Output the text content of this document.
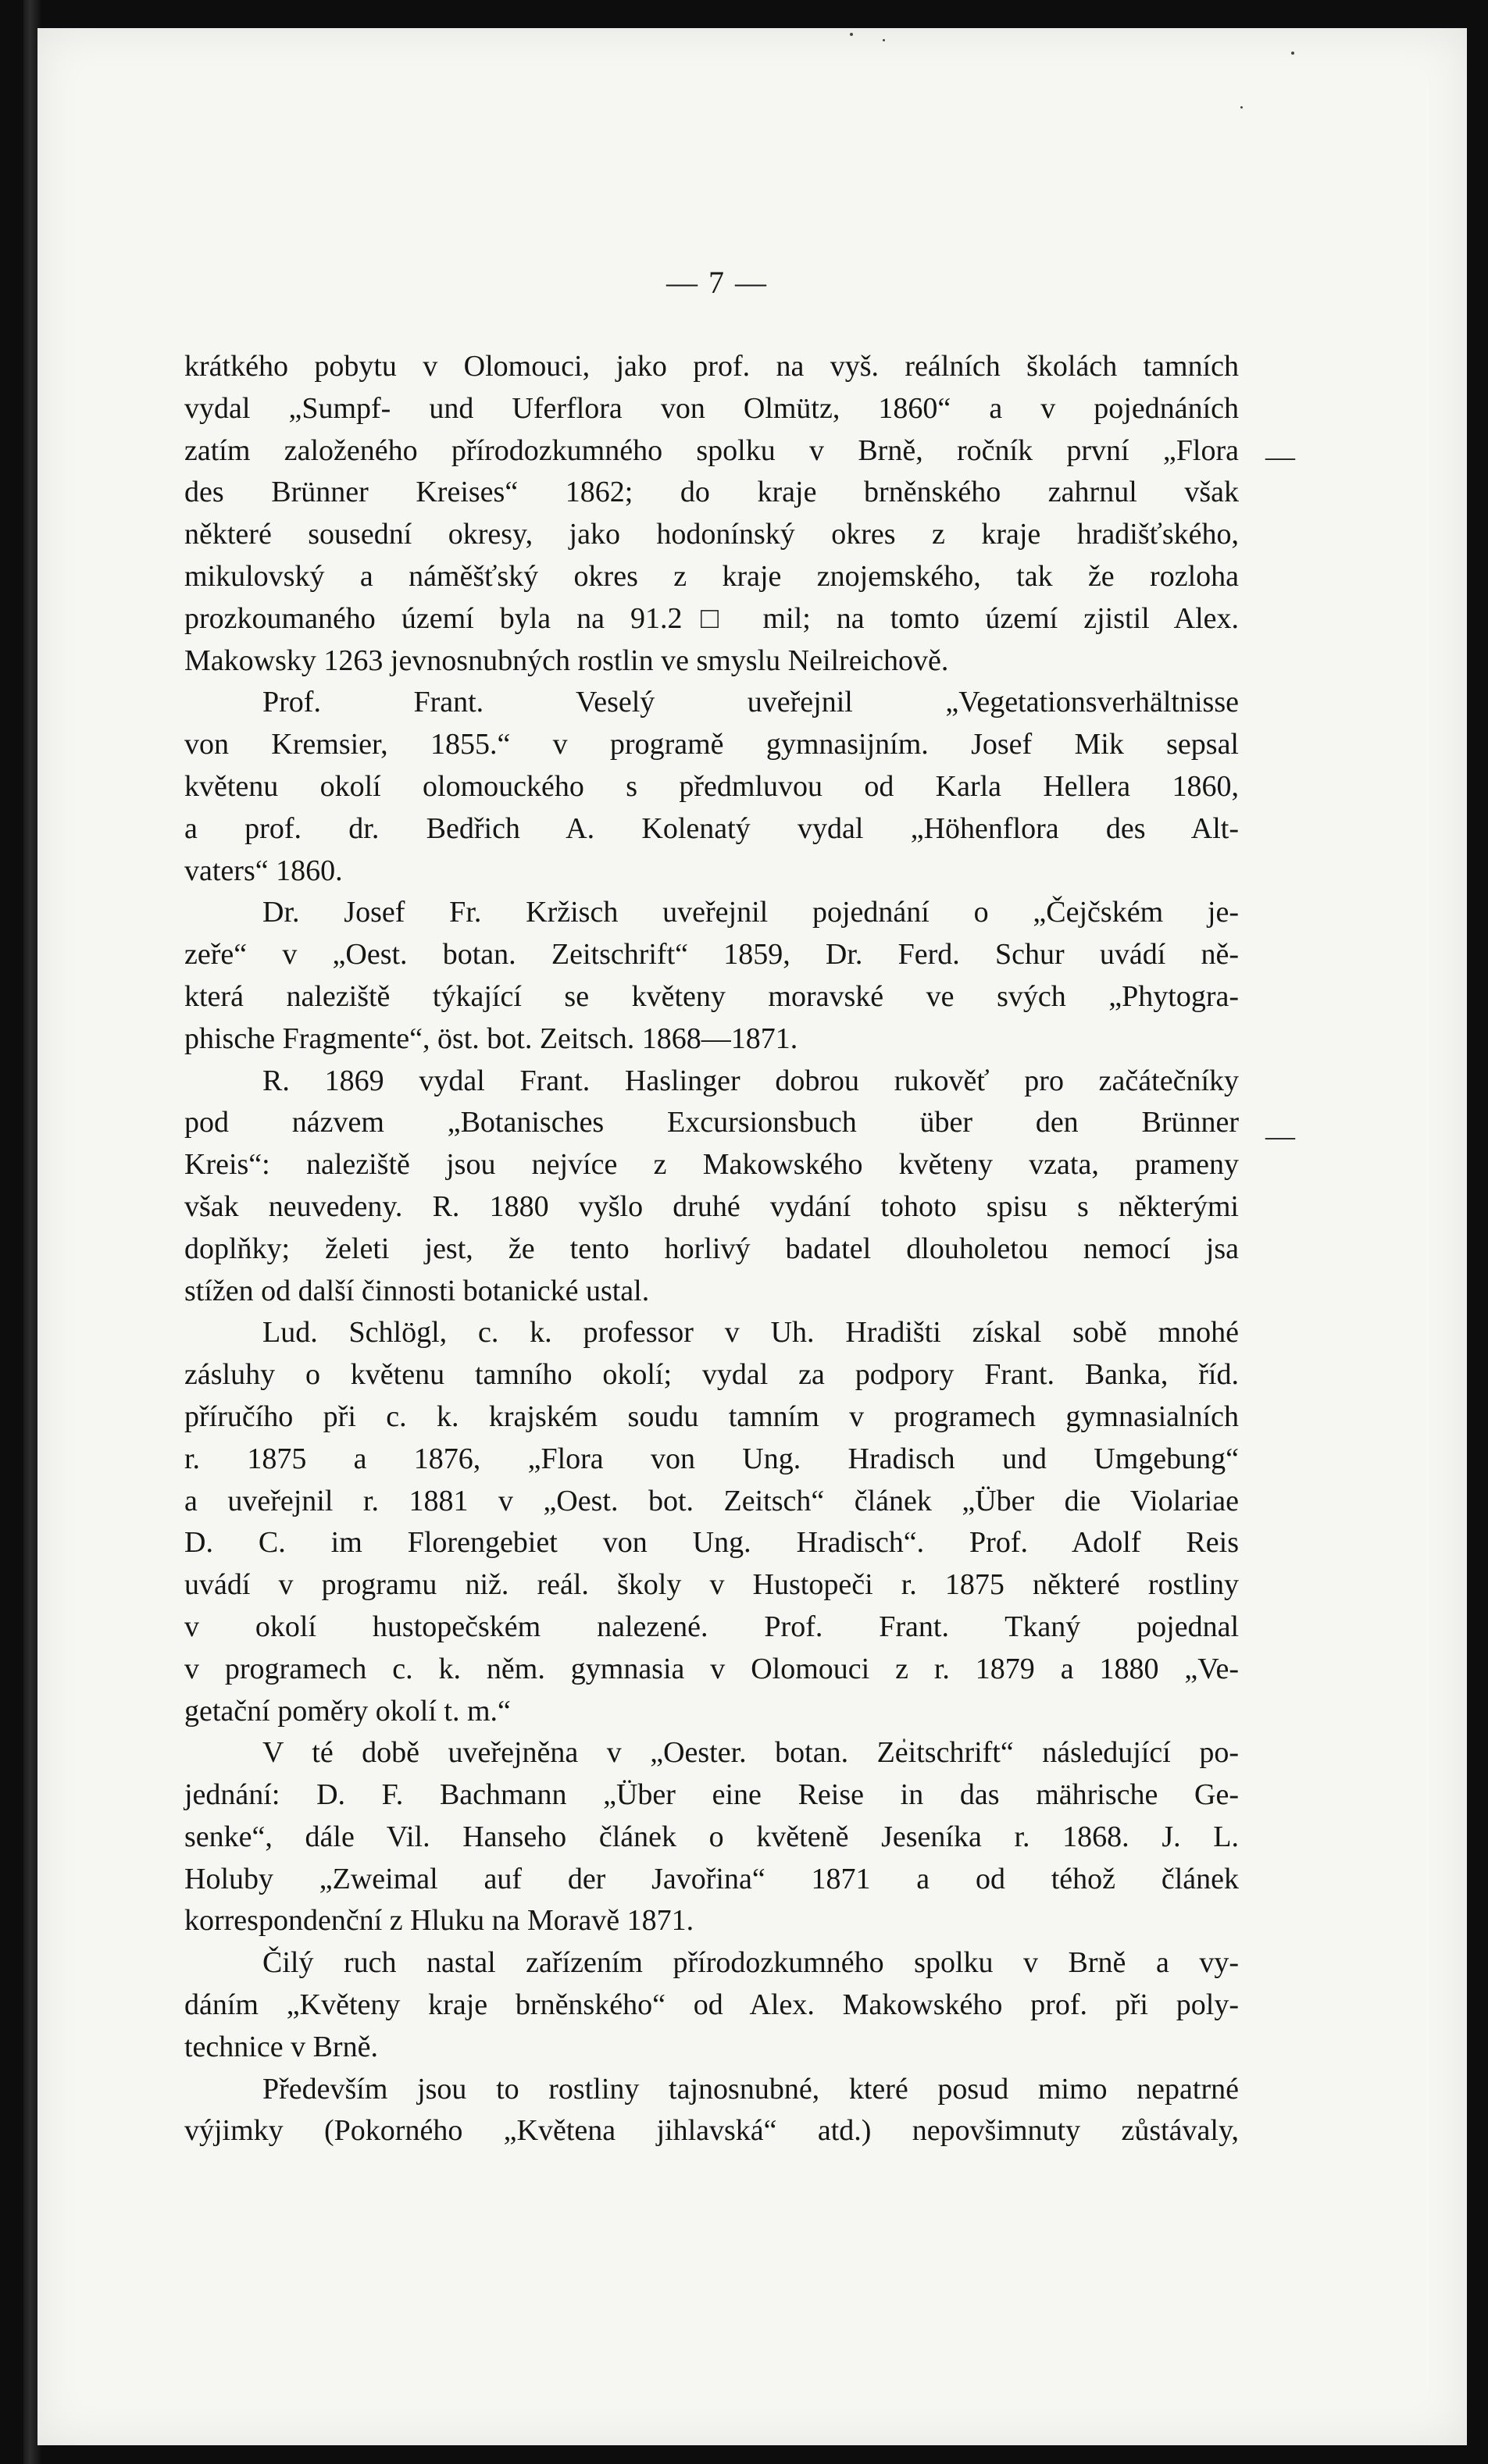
— 7 —
—
—
krátkého pobytu v Olomouci, jako prof. na vyš. reálních školách tamních
vydal „Sumpf- und Uferflora von Olmütz, 1860“ a v pojednáních
zatím založeného přírodozkumného spolku v Brně, ročník první „Flora
des Brünner Kreises“ 1862; do kraje brněnského zahrnul však
některé sousední okresy, jako hodonínský okres z kraje hradišťského,
mikulovský a náměšťský okres z kraje znojemského, tak že rozloha
prozkoumaného území byla na 91.2□ mil; na tomto území zjistil Alex.
Makowsky 1263 jevnosnubných rostlin ve smyslu Neilreichově.
Prof. Frant. Veselý uveřejnil „Vegetationsverhältnisse
von Kremsier, 1855.“ v programě gymnasijním. Josef Mik sepsal
květenu okolí olomouckého s předmluvou od Karla Hellera 1860,
a prof. dr. Bedřich A. Kolenatý vydal „Höhenflora des Alt-
vaters“ 1860.
Dr. Josef Fr. Kržisch uveřejnil pojednání o „Čejčském je-
zeře“ v „Oest. botan. Zeitschrift“ 1859, Dr. Ferd. Schur uvádí ně-
která naleziště týkající se květeny moravské ve svých „Phytogra-
phische Fragmente“, öst. bot. Zeitsch. 1868—1871.
R. 1869 vydal Frant. Haslinger dobrou rukověť pro začátečníky
pod názvem „Botanisches Excursionsbuch über den Brünner
Kreis“: naleziště jsou nejvíce z Makowského květeny vzata, prameny
však neuvedeny. R. 1880 vyšlo druhé vydání tohoto spisu s některými
doplňky; želeti jest, že tento horlivý badatel dlouholetou nemocí jsa
stížen od další činnosti botanické ustal.
Lud. Schlögl, c. k. professor v Uh. Hradišti získal sobě mnohé
zásluhy o květenu tamního okolí; vydal za podpory Frant. Banka, říd.
příručího při c. k. krajském soudu tamním v programech gymnasialních
r. 1875 a 1876, „Flora von Ung. Hradisch und Umgebung“
a uveřejnil r. 1881 v „Oest. bot. Zeitsch“ článek „Über die Violariae
D. C. im Florengebiet von Ung. Hradisch“. Prof. Adolf Reis
uvádí v programu niž. reál. školy v Hustopeči r. 1875 některé rostliny
v okolí hustopečském nalezené. Prof. Frant. Tkaný pojednal
v programech c. k. něm. gymnasia v Olomouci z r. 1879 a 1880 „Ve-
getační poměry okolí t. m.“
V té době uveřejněna v „Oester. botan. Zeitschrift“ následující po-
jednání: D. F. Bachmann „Über eine Reise in das mährische Ge-
senke“, dále Vil. Hanseho článek o květeně Jeseníka r. 1868. J. L.
Holuby „Zweimal auf der Javořina“ 1871 a od téhož článek
korrespondenční z Hluku na Moravě 1871.
Čilý ruch nastal zařízením přírodozkumného spolku v Brně a vy-
dáním „Květeny kraje brněnského“ od Alex. Makowského prof. při poly-
technice v Brně.
Především jsou to rostliny tajnosnubné, které posud mimo nepatrné
výjimky (Pokorného „Květena jihlavská“ atd.) nepovšimnuty zůstávaly,
